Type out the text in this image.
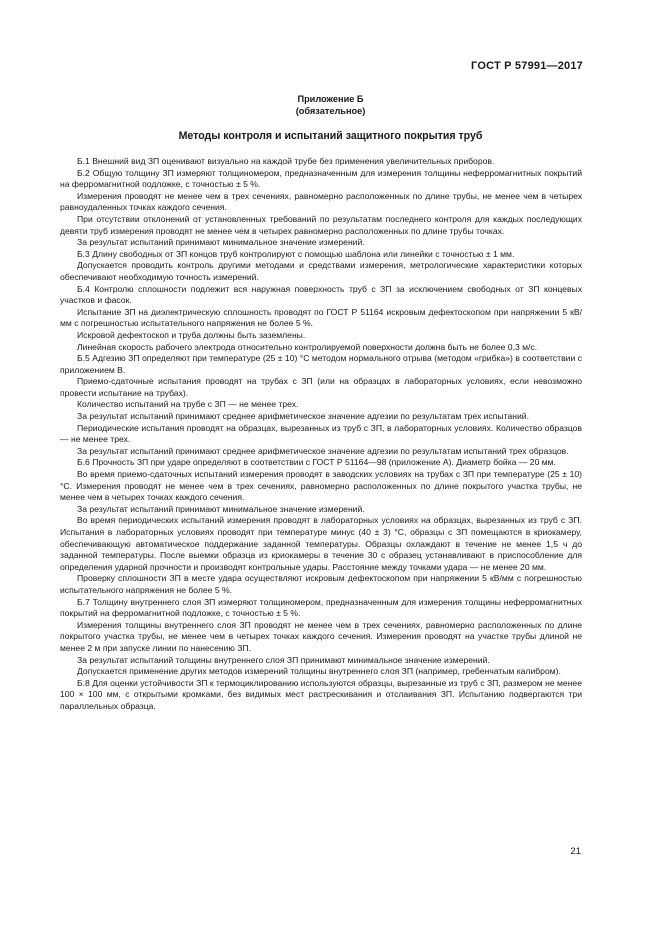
ГОСТ Р 57991—2017
Приложение Б
(обязательное)
Методы контроля и испытаний защитного покрытия труб

Б.1 Внешний вид ЗП оценивают визуально на каждой трубе без применения увеличительных приборов.

Б.2 Общую толщину ЗП измеряют толщиномером, предназначенным для измерения толщины неферромагнитных покрытий на ферромагнитной подложке, с точностью ± 5 %.

Измерения проводят не менее чем в трех сечениях, равномерно расположенных по длине трубы, не менее чем в четырех равноудаленных точках каждого сечения.

При отсутствии отклонений от установленных требований по результатам последнего контроля для каждых последующих девяти труб измерения проводят не менее чем в четырех равномерно расположенных по длине трубы точках.

За результат испытаний принимают минимальное значение измерений.

Б.3 Длину свободных от ЗП концов труб контролируют с помощью шаблона или линейки с точностью ± 1 мм.

Допускается проводить контроль другими методами и средствами измерения, метрологические характеристики которых обеспечивают необходимую точность измерений.

Б.4 Контролю сплошности подлежит вся наружная поверхность труб с ЗП за исключением свободных от ЗП концевых участков и фасок.

Испытание ЗП на диэлектрическую сплошность проводят по ГОСТ Р 51164 искровым дефектоскопом при напряжении 5 кВ/мм с погрешностью испытательного напряжения не более 5 %.

Искровой дефектоскоп и труба должны быть заземлены.

Линейная скорость рабочего электрода относительно контролируемой поверхности должна быть не более 0,3 м/с.

Б.5 Адгезию ЗП определяют при температуре (25 ± 10) °С методом нормального отрыва (методом «грибка») в соответствии с приложением В.

Приемо-сдаточные испытания проводят на трубах с ЗП (или на образцах в лабораторных условиях, если невозможно провести испытание на трубах).

Количество испытаний на трубе с ЗП — не менее трех.

За результат испытаний принимают среднее арифметическое значение адгезии по результатам трех испытаний.

Периодические испытания проводят на образцах, вырезанных из труб с ЗП, в лабораторных условиях. Количество образцов — не менее трех.

За результат испытаний принимают среднее арифметическое значение адгезии по результатам испытаний трех образцов.

Б.6 Прочность ЗП при ударе определяют в соответствии с ГОСТ Р 51164—98 (приложение А). Диаметр бойка — 20 мм.

Во время приемо-сдаточных испытаний измерения проводят в заводских условиях на трубах с ЗП при температуре (25 ± 10) °С. Измерения проводят не менее чем в трех сечениях, равномерно расположенных по длине покрытого участка трубы, не менее чем в четырех точках каждого сечения.

За результат испытаний принимают минимальное значение измерений.

Во время периодических испытаний измерения проводят в лабораторных условиях на образцах, вырезанных из труб с ЗП. Испытания в лабораторных условиях проводят при температуре минус (40 ± 3) °С, образцы с ЗП помещаются в криокамеру, обеспечивающую автоматическое поддержание заданной температуры. Образцы охлаждают в течение не менее 1,5 ч до заданной температуры. После выемки образца из криокамеры в течение 30 с образец устанавливают в приспособление для определения ударной прочности и производят контрольные удары. Расстояние между точками удара — не менее 20 мм.

Проверку сплошности ЗП в месте удара осуществляют искровым дефектоскопом при напряжении 5 кВ/мм с погрешностью испытательного напряжения не более 5 %.

Б.7 Толщину внутреннего слоя ЗП измеряют толщиномером, предназначенным для измерения толщины неферромагнитных покрытий на ферромагнитной подложке, с точностью ± 5 %.

Измерения толщины внутреннего слоя ЗП проводят не менее чем в трех сечениях, равномерно расположенных по длине покрытого участка трубы, не менее чем в четырех точках каждого сечения. Измерения проводят на участке трубы длиной не менее 2 м при запуске линии по нанесению ЗП.

За результат испытаний толщины внутреннего слоя ЗП принимают минимальное значение измерений.

Допускается применение других методов измерений толщины внутреннего слоя ЗП (например, гребенчатым калибром).

Б.8 Для оценки устойчивости ЗП к термоциклированию используются образцы, вырезанные из труб с ЗП, размером не менее 100 × 100 мм, с открытыми кромками, без видимых мест растрескивания и отслаивания ЗП. Испытанию подвергаются три параллельных образца.

21
